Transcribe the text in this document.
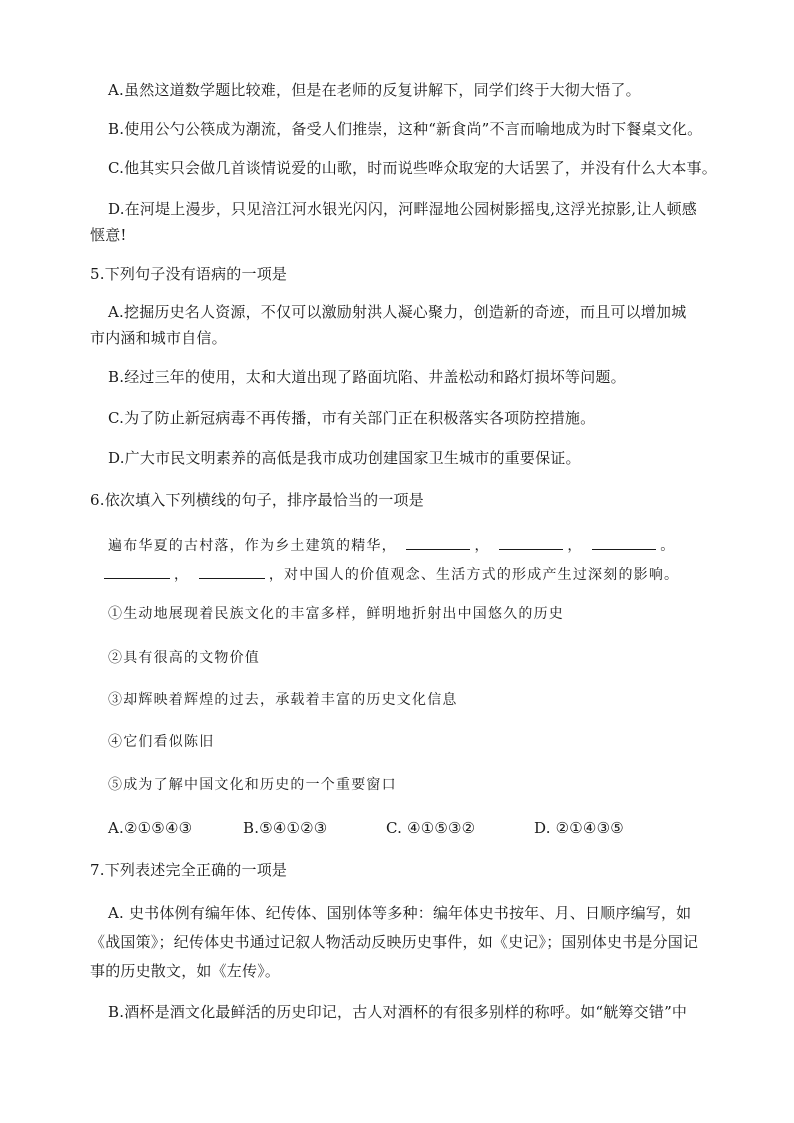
A.虽然这道数学题比较难，但是在老师的反复讲解下，同学们终于大彻大悟了。
B.使用公勺公筷成为潮流，备受人们推崇，这种“新食尚”不言而喻地成为时下餐桌文化。
C.他其实只会做几首谈情说爱的山歌，时而说些哗众取宠的大话罢了，并没有什么大本事。
D.在河堤上漫步，只见涪江河水银光闪闪，河畔湿地公园树影摇曳,这浮光掠影,让人顿感
惬意!
5.下列句子没有语病的一项是
A.挖掘历史名人资源，不仅可以激励射洪人凝心聚力，创造新的奇迹，而且可以增加城
市内涵和城市自信。
B.经过三年的使用，太和大道出现了路面坑陷、井盖松动和路灯损坏等问题。
C.为了防止新冠病毒不再传播，市有关部门正在积极落实各项防控措施。
D.广大市民文明素养的高低是我市成功创建国家卫生城市的重要保证。
6.依次填入下列横线的句子，排序最恰当的一项是
遍布华夏的古村落，作为乡土建筑的精华，	，	，	。
，	，对中国人的价值观念、生活方式的形成产生过深刻的影响。
①生动地展现着民族文化的丰富多样，鲜明地折射出中国悠久的历史
②具有很高的文物价值
③却辉映着辉煌的过去，承载着丰富的历史文化信息
④它们看似陈旧
⑤成为了解中国文化和历史的一个重要窗口
A.②①⑤④③	B.⑤④①②③	C. ④①⑤③②	D. ②①④③⑤
7.下列表述完全正确的一项是
A. 史书体例有编年体、纪传体、国别体等多种：编年体史书按年、月、日顺序编写，如
《战国策》；纪传体史书通过记叙人物活动反映历史事件，如《史记》；国别体史书是分国记
事的历史散文，如《左传》。
B.酒杯是酒文化最鲜活的历史印记，古人对酒杯的有很多别样的称呼。如“觥筹交错”中
